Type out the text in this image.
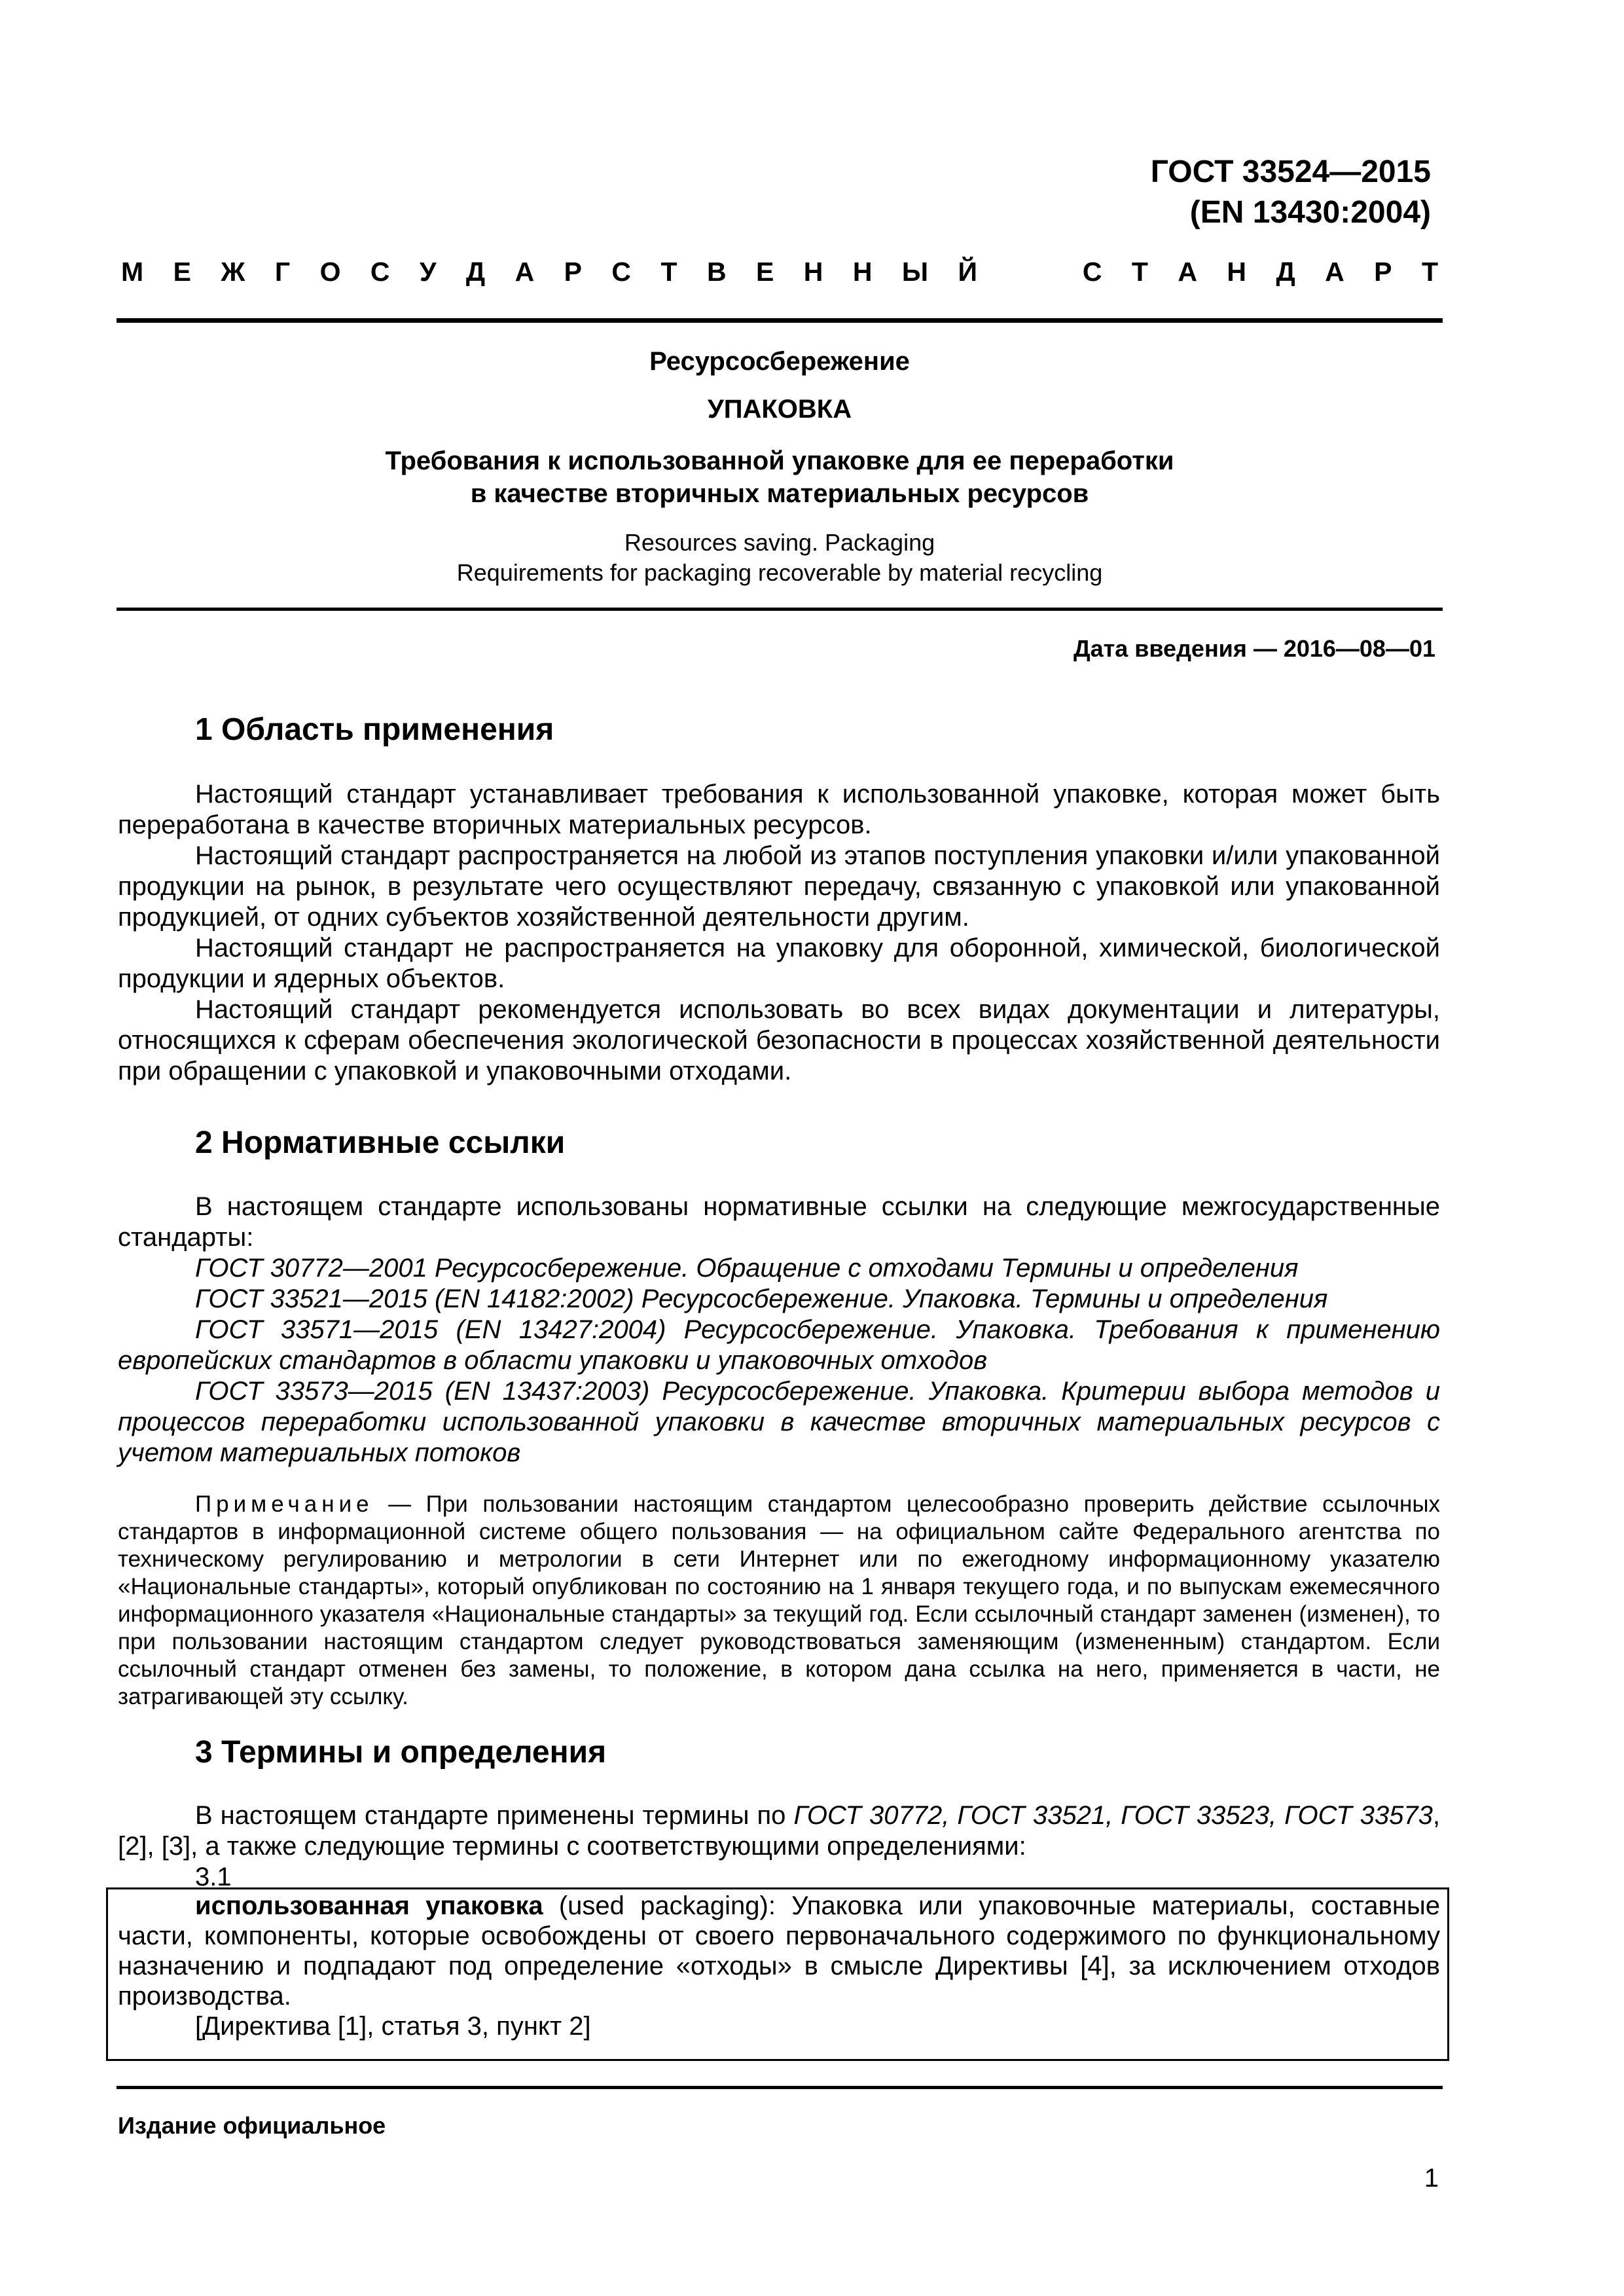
ГОСТ 33524—2015
(EN 13430:2004)
М Е Ж Г О С У Д А Р С Т В Е Н Н Ы Й	С Т А Н Д А Р Т
Ресурсосбережение
УПАКОВКА
Требования к использованной упаковке для ее переработки
в качестве вторичных материальных ресурсов
Resources saving. Packaging
Requirements for packaging recoverable by material recycling
Дата введения — 2016—08—01
1 Область применения

Настоящий стандарт устанавливает требования к использованной упаковке, которая может быть переработана в качестве вторичных материальных ресурсов.

Настоящий стандарт распространяется на любой из этапов поступления упаковки и/или упакованной продукции на рынок, в результате чего осуществляют передачу, связанную с упаковкой или упакованной продукцией, от одних субъектов хозяйственной деятельности другим.

Настоящий стандарт не распространяется на упаковку для оборонной, химической, биологической продукции и ядерных объектов.

Настоящий стандарт рекомендуется использовать во всех видах документации и литературы, относящихся к сферам обеспечения экологической безопасности в процессах хозяйственной деятельности при обращении с упаковкой и упаковочными отходами.

2 Нормативные ссылки

В настоящем стандарте использованы нормативные ссылки на следующие межгосударственные стандарты:

ГОСТ 30772—2001 Ресурсосбережение. Обращение с отходами Термины и определения

ГОСТ 33521—2015 (EN 14182:2002) Ресурсосбережение. Упаковка. Термины и определения

ГОСТ 33571—2015 (EN 13427:2004) Ресурсосбережение. Упаковка. Требования к применению европейских стандартов в области упаковки и упаковочных отходов

ГОСТ 33573—2015 (EN 13437:2003) Ресурсосбережение. Упаковка. Критерии выбора методов и процессов переработки использованной упаковки в качестве вторичных материальных ресурсов с учетом материальных потоков

Примечание — При пользовании настоящим стандартом целесообразно проверить действие ссылочных стандартов в информационной системе общего пользования — на официальном сайте Федерального агентства по техническому регулированию и метрологии в сети Интернет или по ежегодному информационному указателю «Национальные стандарты», который опубликован по состоянию на 1 января текущего года, и по выпускам ежемесячного информационного указателя «Национальные стандарты» за текущий год. Если ссылочный стандарт заменен (изменен), то при пользовании настоящим стандартом следует руководствоваться заменяющим (измененным) стандартом. Если ссылочный стандарт отменен без замены, то положение, в котором дана ссылка на него, применяется в части, не затрагивающей эту ссылку.

3 Термины и определения

В настоящем стандарте применены термины по ГОСТ 30772, ГОСТ 33521, ГОСТ 33523, ГОСТ 33573, [2], [3], а также следующие термины с соответствующими определениями:

3.1

использованная упаковка (used packaging): Упаковка или упаковочные материалы, составные части, компоненты, которые освобождены от своего первоначального содержимого по функциональному назначению и подпадают под определение «отходы» в смысле Директивы [4], за исключением отходов производства.

[Директива [1], статья 3, пункт 2]

Издание официальное
1
